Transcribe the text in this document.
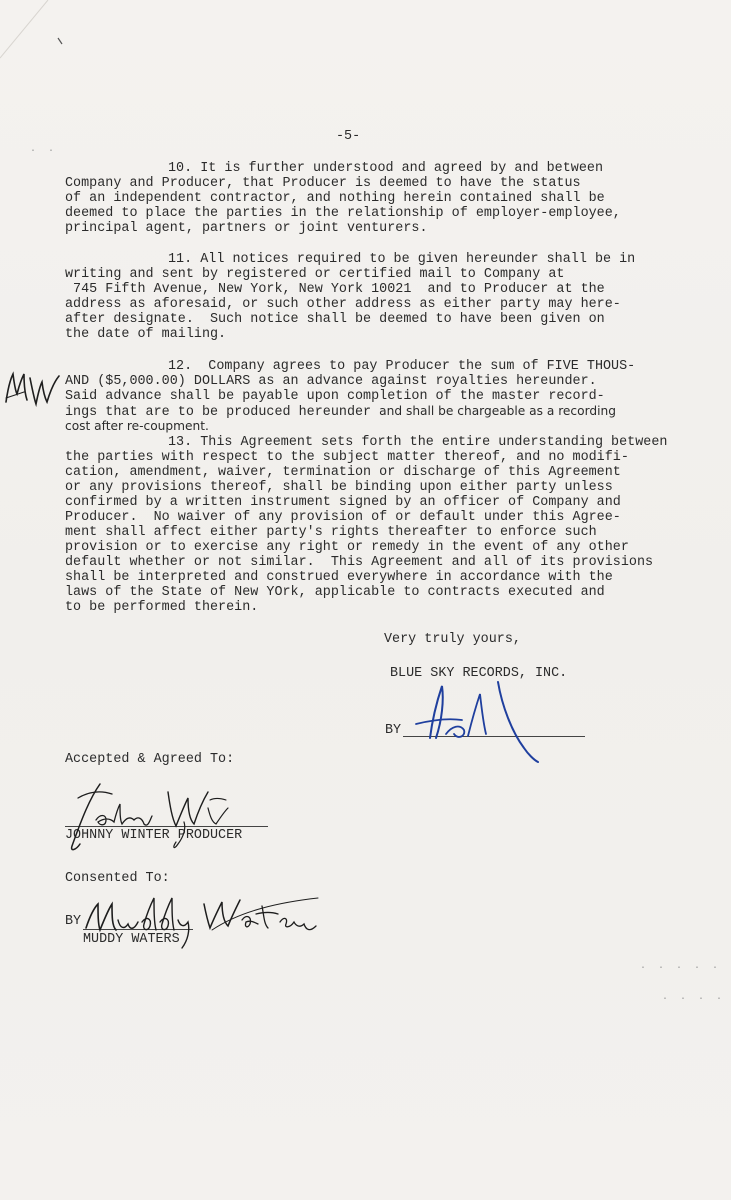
-5-
10. It is further understood and agreed by and between
Company and Producer, that Producer is deemed to have the status
of an independent contractor, and nothing herein contained shall be
deemed to place the parties in the relationship of employer-employee,
principal agent, partners or joint venturers.
11. All notices required to be given hereunder shall be in
writing and sent by registered or certified mail to Company at
745 Fifth Avenue, New York, New York 10021  and to Producer at the
address as aforesaid, or such other address as either party may here-
after designate.  Such notice shall be deemed to have been given on
the date of mailing.
12.  Company agrees to pay Producer the sum of FIVE THOUS-
AND ($5,000.00) DOLLARS as an advance against royalties hereunder.
Said advance shall be payable upon completion of the master record-
ings that are to be produced hereunder and shall be chargeable as a recording
cost after re-coupment.
13. This Agreement sets forth the entire understanding between
the parties with respect to the subject matter thereof, and no modifi-
cation, amendment, waiver, termination or discharge of this Agreement
or any provisions thereof, shall be binding upon either party unless
confirmed by a written instrument signed by an officer of Company and
Producer.  No waiver of any provision of or default under this Agree-
ment shall affect either party's rights thereafter to enforce such
provision or to exercise any right or remedy in the event of any other
default whether or not similar.  This Agreement and all of its provisions
shall be interpreted and construed everywhere in accordance with the
laws of the State of New YOrk, applicable to contracts executed and
to be performed therein.
Very truly yours,
BLUE SKY RECORDS, INC.
BY
Accepted & Agreed To:
JOHNNY WINTER PRODUCER
Consented To:
BY
MUDDY WATERS
· ·
· · · · ·
· · · ·
